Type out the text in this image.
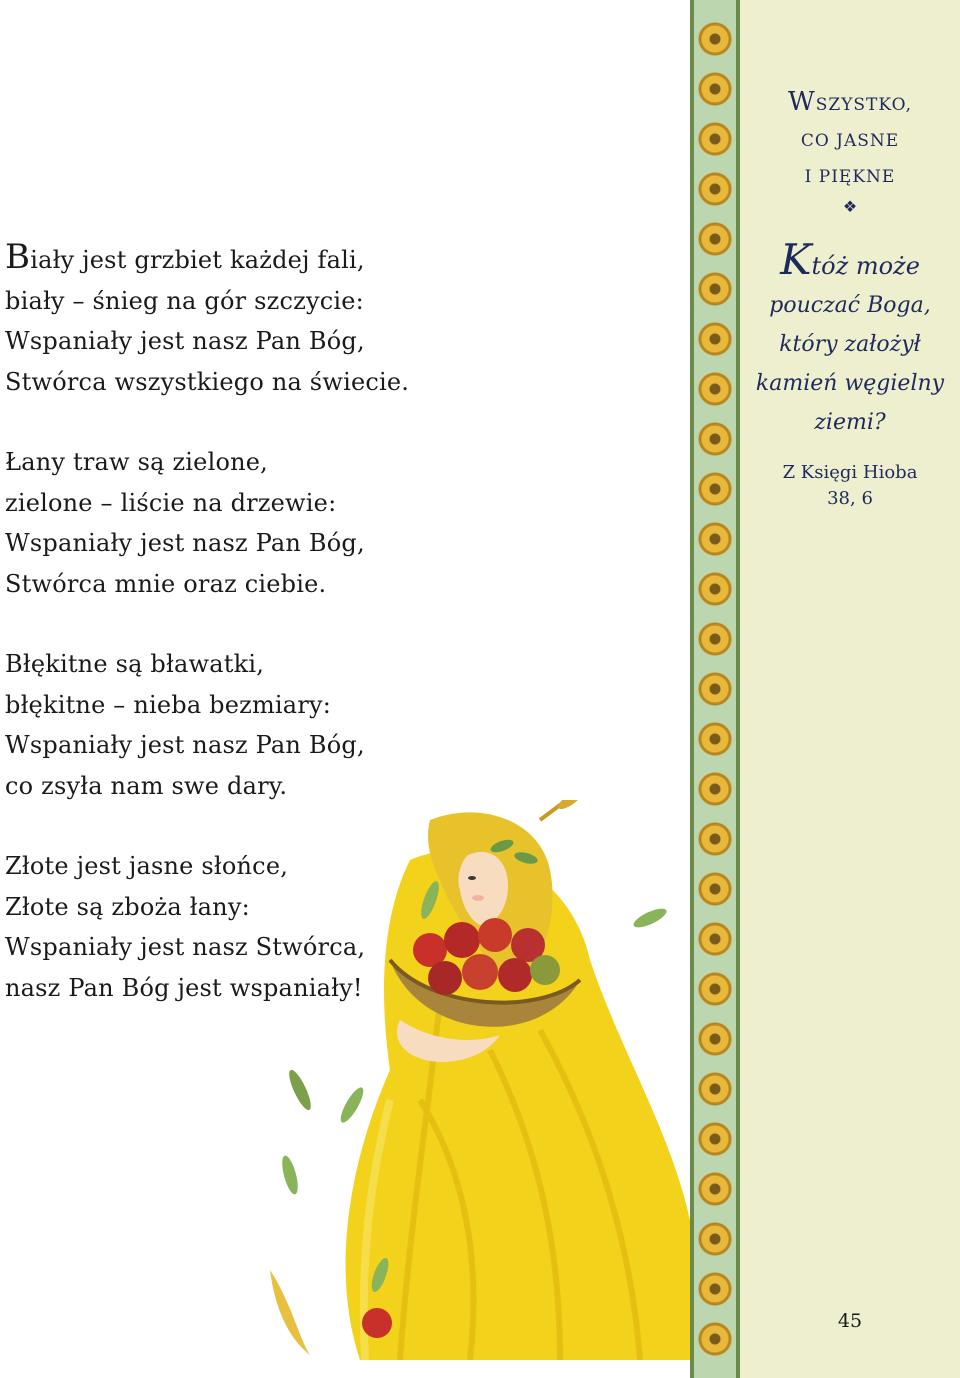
Biały jest grzbiet każdej fali,
biały – śnieg na gór szczycie:
Wspaniały jest nasz Pan Bóg,
Stwórca wszystkiego na świecie.
Łany traw są zielone,
zielone – liście na drzewie:
Wspaniały jest nasz Pan Bóg,
Stwórca mnie oraz ciebie.
Błękitne są bławatki,
błękitne – nieba bezmiary:
Wspaniały jest nasz Pan Bóg,
co zsyła nam swe dary.
Złote jest jasne słońce,
Złote są zboża łany:
Wspaniały jest nasz Stwórca,
nasz Pan Bóg jest wspaniały!
WSZYSTKO,
CO JASNE
I PIĘKNE
❖
Któż może
pouczać Boga,
który założył
kamień węgielny
ziemi?
Z Księgi Hioba
38, 6
45
